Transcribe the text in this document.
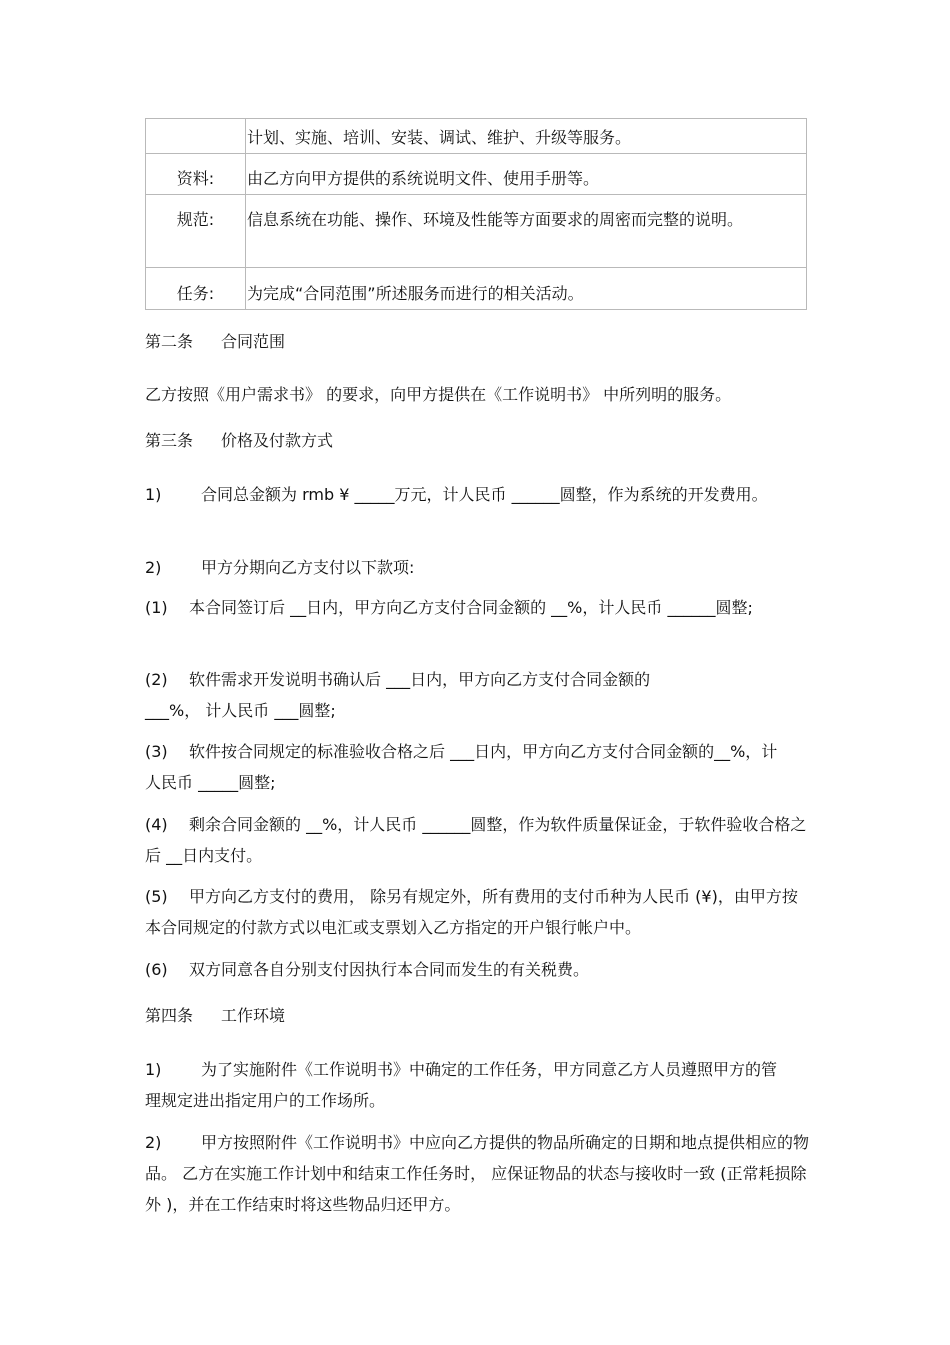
	计划、实施、培训、安装、调试、维护、升级等服务。
资料:	由乙方向甲方提供的系统说明文件、使用手册等。
规范:	信息系统在功能、操作、环境及性能等方面要求的周密而完整的说明。
任务:	为完成“合同范围”所述服务而进行的相关活动。
第二条 合同范围
乙方按照《用户需求书》 的要求，向甲方提供在《工作说明书》 中所列明的服务。
第三条 价格及付款方式
1) 合同总金额为 rmb ¥ _____万元，计人民币 ______圆整，作为系统的开发费用。
2) 甲方分期向乙方支付以下款项:
(1) 本合同签订后 __日内，甲方向乙方支付合同金额的 __%，计人民币 ______圆整;
(2) 软件需求开发说明书确认后 ___日内，甲方向乙方支付合同金额的___%， 计人民币 ___圆整;
(3) 软件按合同规定的标准验收合格之后 ___日内，甲方向乙方支付合同金额的__%，计人民币 _____圆整;
(4) 剩余合同金额的 __%，计人民币 ______圆整，作为软件质量保证金，于软件验收合格之后 __日内支付。
(5) 甲方向乙方支付的费用， 除另有规定外，所有费用的支付币种为人民币 (¥)，由甲方按本合同规定的付款方式以电汇或支票划入乙方指定的开户银行帐户中。
(6) 双方同意各自分别支付因执行本合同而发生的有关税费。
第四条 工作环境
1) 为了实施附件《工作说明书》中确定的工作任务，甲方同意乙方人员遵照甲方的管理规定进出指定用户的工作场所。
2) 甲方按照附件《工作说明书》中应向乙方提供的物品所确定的日期和地点提供相应的物品。 乙方在实施工作计划中和结束工作任务时， 应保证物品的状态与接收时一致 (正常耗损除外 )，并在工作结束时将这些物品归还甲方。
